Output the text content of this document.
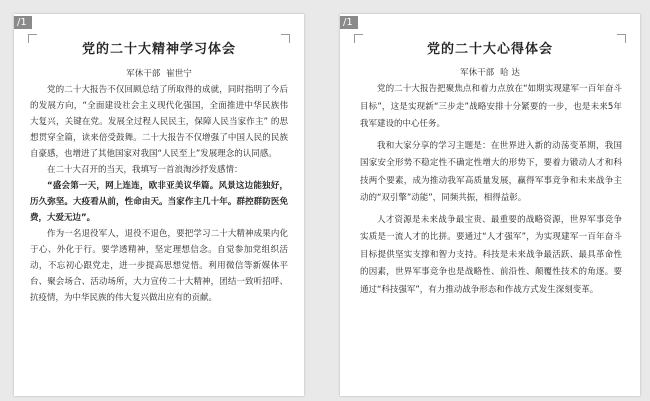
/1
党的二十大精神学习体会
军休干部 崔世宁

党的二十大报告不仅回顾总结了所取得的成就，同时指明了今后的发展方向，“全面建设社会主义现代化强国，全面推进中华民族伟大复兴，关键在党。发展全过程人民民主，保障人民当家作主” 的思想贯穿全篇，读来倍受鼓舞。二十大报告不仅增强了中国人民的民族自豪感，也增进了其他国家对我国“人民至上”发展理念的认同感。

在二十大召开的当天，我填写一首浪淘沙抒发感情：

“盛会第一天，网上连连，欧非亚美议华篇。风景这边能独好，历久弥坚。大疫看从前，性命由天。当家作主几十年。群控群防医免费，大爱无边”。

作为一名退役军人，退役不退色，要把学习二十大精神成果内化于心、外化于行。要学透精神，坚定理想信念。自觉参加党组织活动，不忘初心跟党走，进一步提高思想觉悟。利用微信等新媒体平台、聚会场合、活动场所，大力宣传二十大精神，团结一致听招呼、抗疫情，为中华民族的伟大复兴做出应有的贡献。

/1
党的二十大心得体会
军休干部 哈 达

党的二十大报告把聚焦点和着力点放在“如期实现建军一百年奋斗目标”，这是实现新“三步走”战略安排十分紧要的一步，也是未来5年我军建设的中心任务。

我和大家分享的学习主题是：在世界进入新的动荡变革期，我国国家安全形势不稳定性不确定性增大的形势下，要着力锻动人才和科技两个要素，成为推动我军高质量发展，赢得军事竞争和未来战争主动的“双引擎”动能”，同频共振，相得益彰。

人才资源是未来战争最宝贵、最重要的战略资源，世界军事竞争实质是一流人才的比拼。要通过“人才强军”，为实现建军一百年奋斗目标提供坚实支撑和智力支持。科技是未来战争最活跃、最具革命性的因素，世界军事竞争也是战略性、前沿性、颠覆性技术的角逐。要通过“科技强军”，有力推动战争形态和作战方式发生深刻变革。
